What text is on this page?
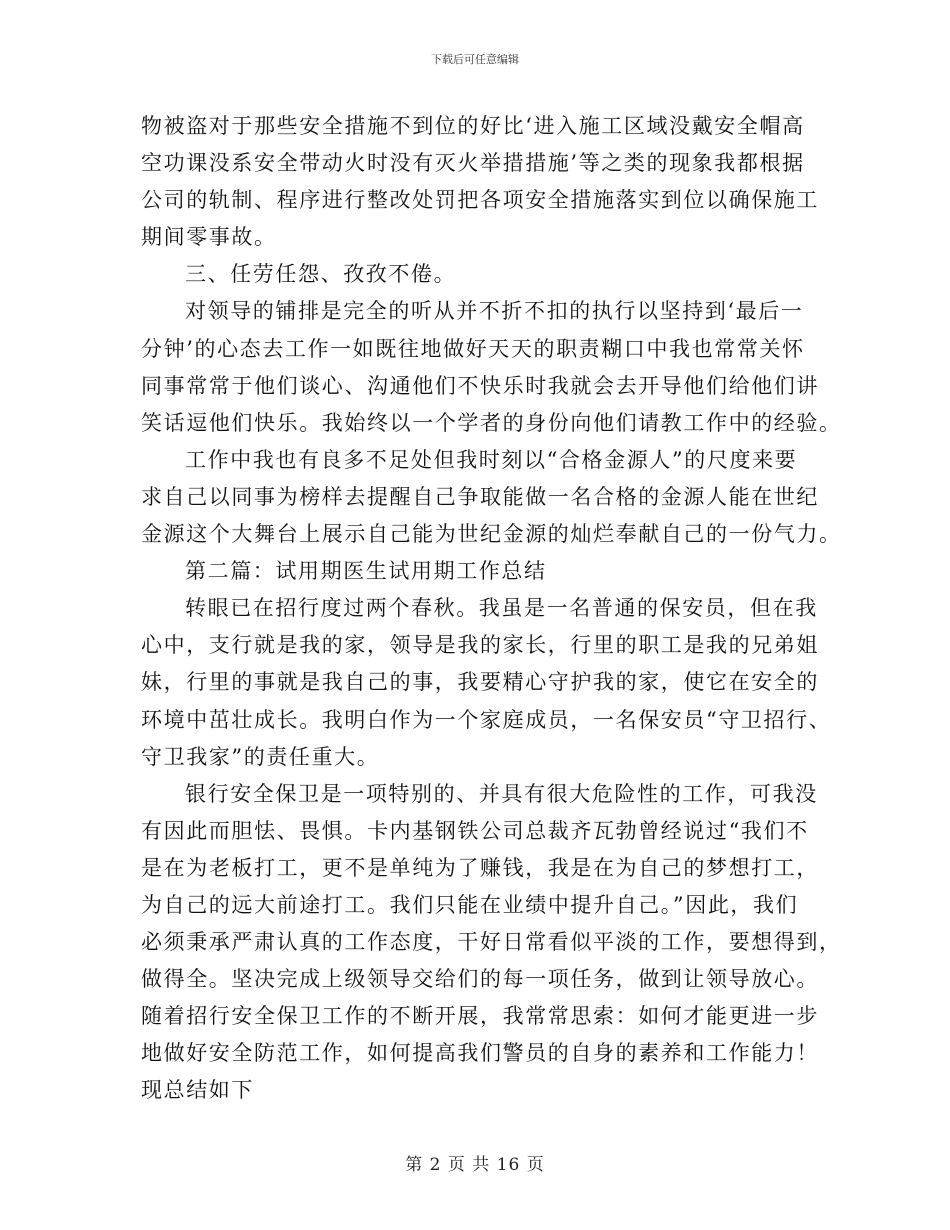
下载后可任意编辑
物被盗对于那些安全措施不到位的好比‘进入施工区域没戴安全帽高
空功课没系安全带动火时没有灭火举措措施’等之类的现象我都根据
公司的轨制、程序进行整改处罚把各项安全措施落实到位以确保施工
期间零事故。
三、任劳任怨、孜孜不倦。
对领导的铺排是完全的听从并不折不扣的执行以坚持到‘最后一
分钟’的心态去工作一如既往地做好天天的职责糊口中我也常常关怀
同事常常于他们谈心、沟通他们不快乐时我就会去开导他们给他们讲
笑话逗他们快乐。我始终以一个学者的身份向他们请教工作中的经验。
工作中我也有良多不足处但我时刻以“合格金源人”的尺度来要
求自己以同事为榜样去提醒自己争取能做一名合格的金源人能在世纪
金源这个大舞台上展示自己能为世纪金源的灿烂奉献自己的一份气力。
第二篇：试用期医生试用期工作总结
转眼已在招行度过两个春秋。我虽是一名普通的保安员，但在我
心中，支行就是我的家，领导是我的家长，行里的职工是我的兄弟姐
妹，行里的事就是我自己的事，我要精心守护我的家，使它在安全的
环境中茁壮成长。我明白作为一个家庭成员，一名保安员“守卫招行、
守卫我家”的责任重大。
银行安全保卫是一项特别的、并具有很大危险性的工作，可我没
有因此而胆怯、畏惧。卡内基钢铁公司总裁齐瓦勃曾经说过“我们不
是在为老板打工，更不是单纯为了赚钱，我是在为自己的梦想打工，
为自己的远大前途打工。我们只能在业绩中提升自己。”因此，我们
必须秉承严肃认真的工作态度，干好日常看似平淡的工作，要想得到，
做得全。坚决完成上级领导交给们的每一项任务，做到让领导放心。
随着招行安全保卫工作的不断开展，我常常思索：如何才能更进一步
地做好安全防范工作，如何提高我们警员的自身的素养和工作能力！
现总结如下
第 2 页 共 16 页
